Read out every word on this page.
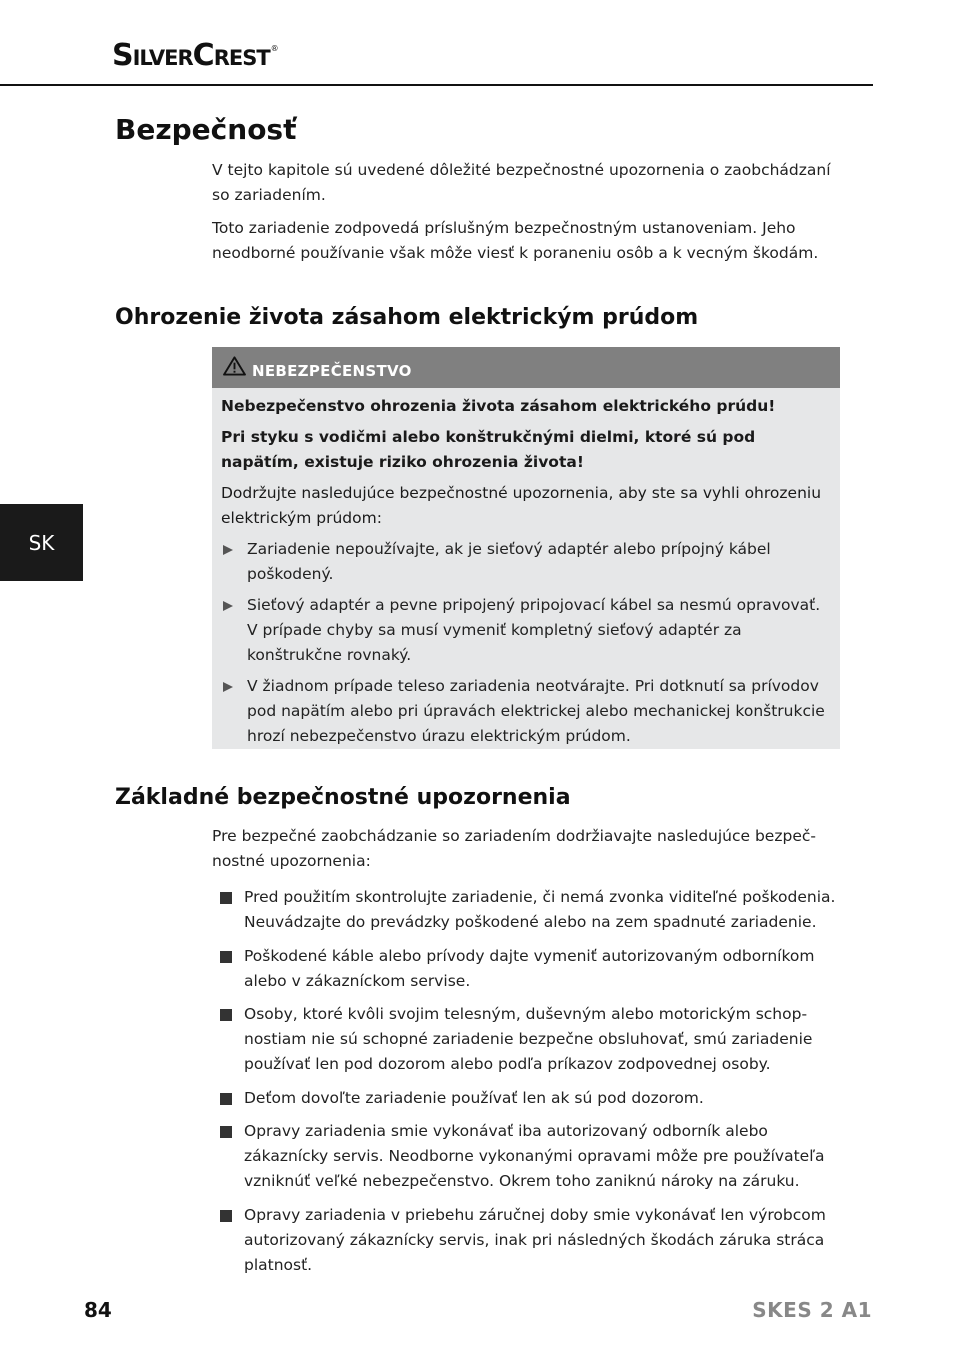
SilverCrest®
Bezpečnosť

V tejto kapitole sú uvedené dôležité bezpečnostné upozornenia o zaobchádzaní so zariadením.

Toto zariadenie zodpovedá príslušným bezpečnostným ustanoveniam. Jeho neodborné používanie však môže viesť k poraneniu osôb a k vecným škodám.

Ohrozenie života zásahom elektrickým prúdom
SK
NEBEZPEČENSTVO

Nebezpečenstvo ohrozenia života zásahom elektrického prúdu!

Pri styku s vodičmi alebo konštrukčnými dielmi, ktoré sú pod napätím, existuje riziko ohrozenia života!

Dodržujte nasledujúce bezpečnostné upozornenia, aby ste sa vyhli ohrozeniu elektrickým prúdom:

Zariadenie nepoužívajte, ak je sieťový adaptér alebo prípojný kábel poškodený.
Sieťový adaptér a pevne pripojený pripojovací kábel sa nesmú opravovať. V prípade chyby sa musí vymeniť kompletný sieťový adaptér za konštrukčne rovnaký.
V žiadnom prípade teleso zariadenia neotvárajte. Pri dotknutí sa prívodov pod napätím alebo pri úpravách elektrickej alebo mechanickej konštrukcie hrozí nebezpečenstvo úrazu elektrickým prúdom.
Základné bezpečnostné upozornenia

Pre bezpečné zaobchádzanie so zariadením dodržiavajte nasledujúce bezpeč-nostné upozornenia:

Pred použitím skontrolujte zariadenie, či nemá zvonka viditeľné poškodenia. Neuvádzajte do prevádzky poškodené alebo na zem spadnuté zariadenie.
Poškodené káble alebo prívody dajte vymeniť autorizovaným odborníkom alebo v zákazníckom servise.
Osoby, ktoré kvôli svojim telesným, duševným alebo motorickým schop-nostiam nie sú schopné zariadenie bezpečne obsluhovať, smú zariadenie používať len pod dozorom alebo podľa príkazov zodpovednej osoby.
Deťom dovoľte zariadenie používať len ak sú pod dozorom.
Opravy zariadenia smie vykonávať iba autorizovaný odborník alebo zákaznícky servis. Neodborne vykonanými opravami môže pre používateľa vzniknúť veľké nebezpečenstvo. Okrem toho zaniknú nároky na záruku.
Opravy zariadenia v priebehu záručnej doby smie vykonávať len výrobcom autorizovaný zákaznícky servis, inak pri následných škodách záruka stráca platnosť.
84	SKES 2 A1
